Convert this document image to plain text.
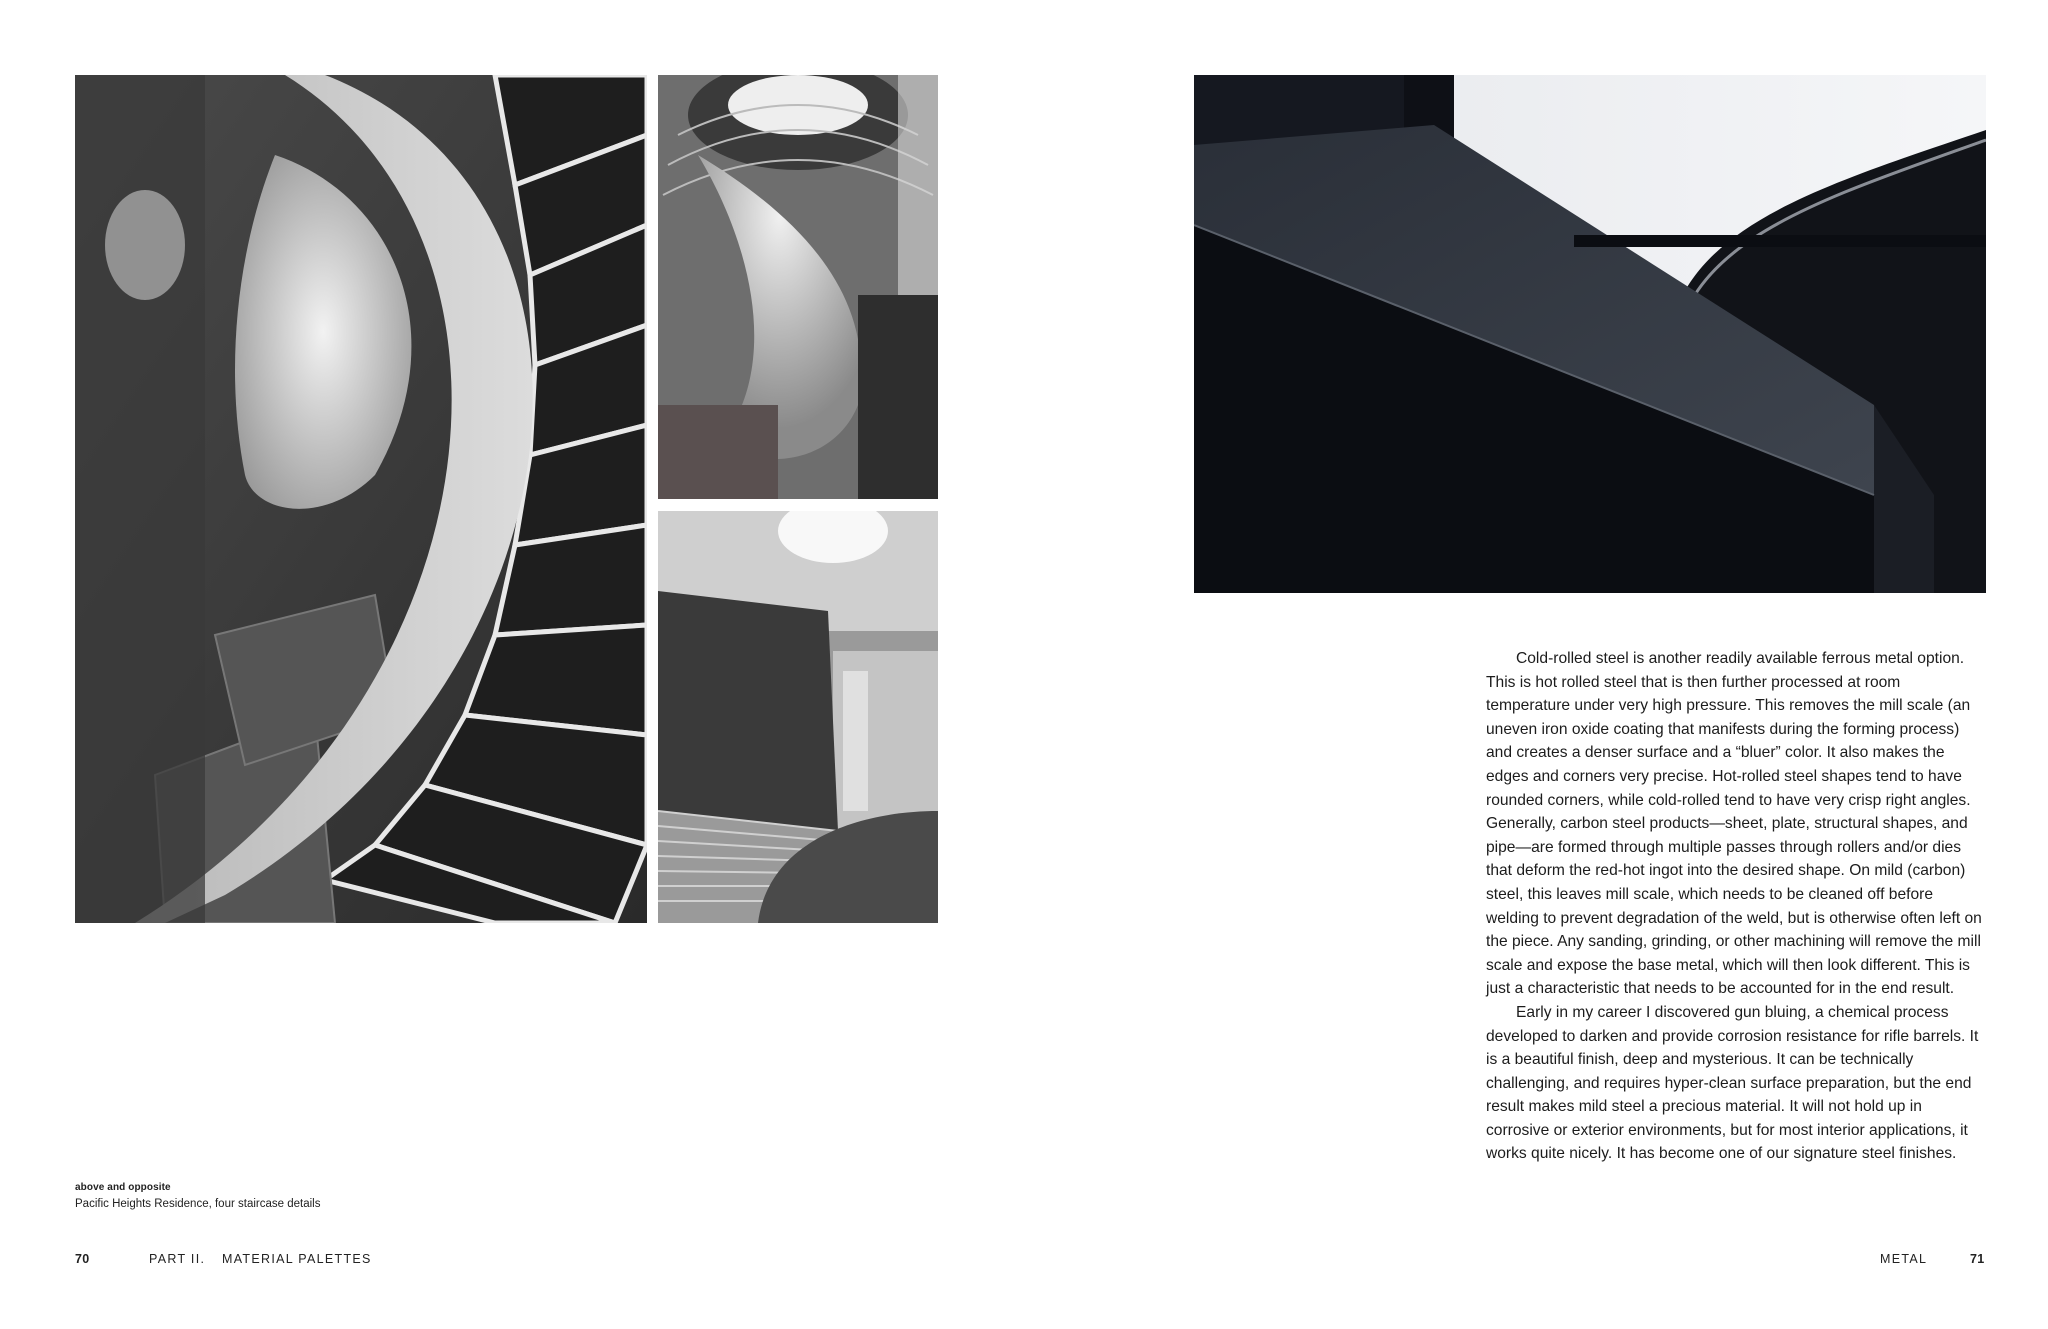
above and opposite
Pacific Heights Residence, four staircase details

Cold-rolled steel is another readily available ferrous metal option. This is hot rolled steel that is then further processed at room temperature under very high pressure. This removes the mill scale (an uneven iron oxide coating that manifests during the forming process) and creates a denser surface and a “bluer” color. It also makes the edges and corners very precise. Hot-rolled steel shapes tend to have rounded corners, while cold-rolled tend to have very crisp right angles. Generally, carbon steel products—sheet, plate, structural shapes, and pipe—are formed through multiple passes through rollers and/or dies that deform the red-hot ingot into the desired shape. On mild (carbon) steel, this leaves mill scale, which needs to be cleaned off before welding to prevent degradation of the weld, but is otherwise often left on the piece. Any sanding, grinding, or other machining will remove the mill scale and expose the base metal, which will then look different. This is just a characteristic that needs to be accounted for in the end result.

Early in my career I discovered gun bluing, a chemical process developed to darken and provide corrosion resistance for rifle barrels. It is a beautiful finish, deep and mysterious. It can be technically challenging, and requires hyper-clean surface preparation, but the end result makes mild steel a precious material. It will not hold up in corrosive or exterior environments, but for most interior applications, it works quite nicely. It has become one of our signature steel finishes.

70	PART II. MATERIAL PALETTES	METAL	71
